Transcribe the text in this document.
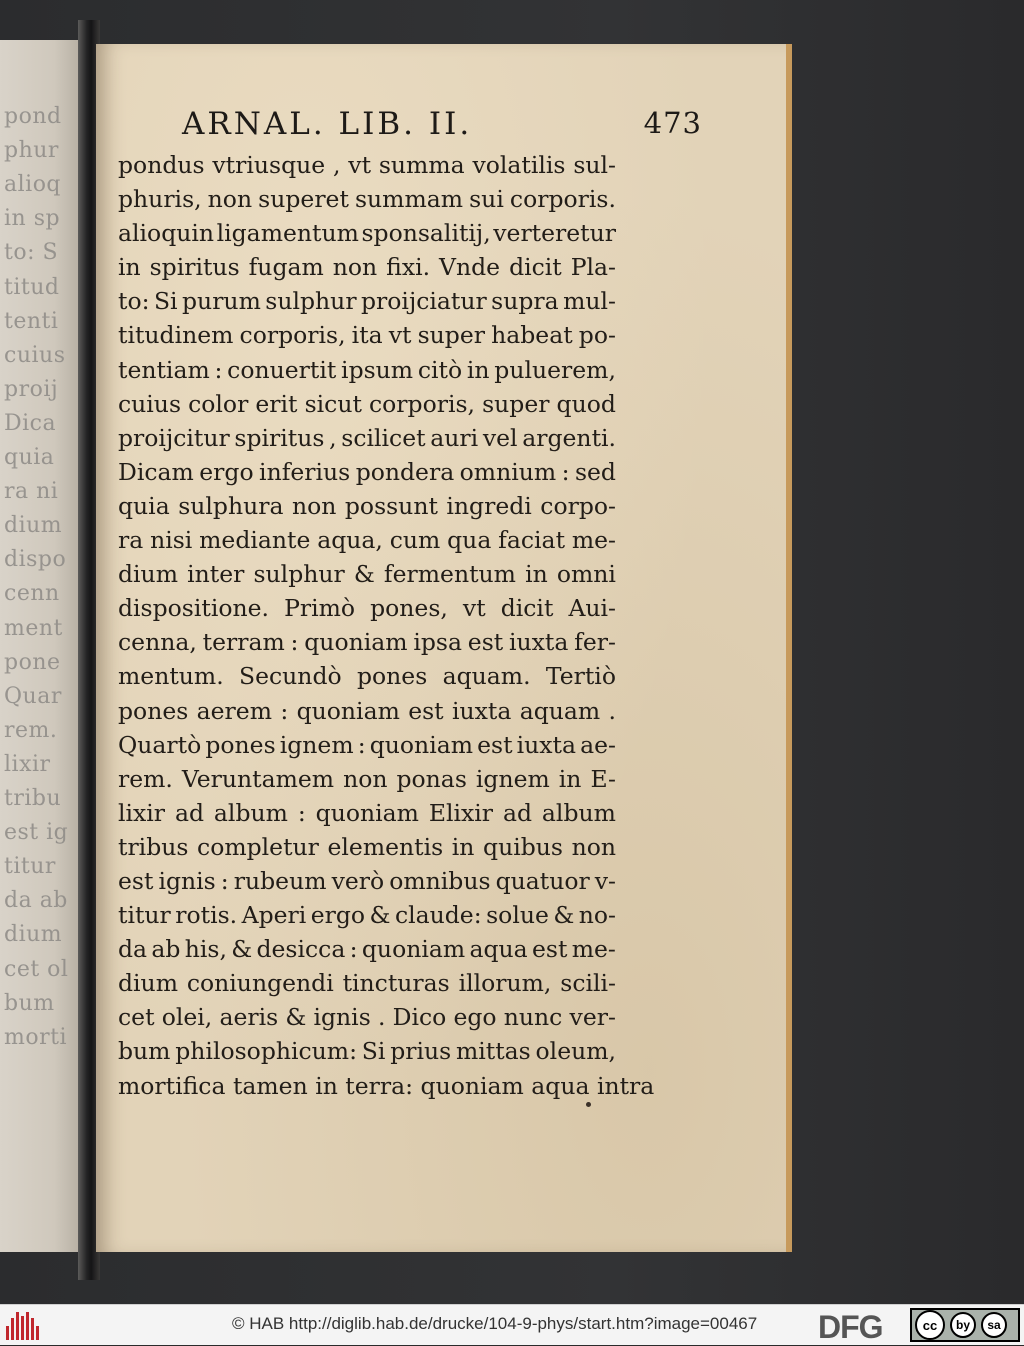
pond
phur
alioq
in sp
to: S
titud
tenti
cuius
proij
Dica
quia
ra ni
dium
dispo
cenn
ment
pone
Quar
rem.
lixir
tribu
est ig
titur
da ab
dium
cet ol
bum
morti
ARNAL. LIB. II.	473
pondus vtriusque , vt summa volatilis sul-
phuris, non superet summam sui corporis.
alioquin ligamentum sponsalitij, verteretur
in spiritus fugam non fixi. Vnde dicit Pla-
to: Si purum sulphur proijciatur supra mul-
titudinem corporis, ita vt super habeat po-
tentiam : conuertit ipsum citò in puluerem,
cuius color erit sicut corporis, super quod
proijcitur spiritus , scilicet auri vel argenti.
Dicam ergo inferius pondera omnium : sed
quia sulphura non possunt ingredi corpo-
ra nisi mediante aqua, cum qua faciat me-
dium inter sulphur & fermentum in omni
dispositione. Primò pones, vt dicit Aui-
cenna, terram : quoniam ipsa est iuxta fer-
mentum. Secundò pones aquam. Tertiò
pones aerem : quoniam est iuxta aquam .
Quartò pones ignem : quoniam est iuxta ae-
rem. Veruntamem non ponas ignem in E-
lixir ad album : quoniam Elixir ad album
tribus completur elementis in quibus non
est ignis : rubeum verò omnibus quatuor v-
titur rotis. Aperi ergo & claude: solue & no-
da ab his, & desicca : quoniam aqua est me-
dium coniungendi tincturas illorum, scili-
cet olei, aeris & ignis . Dico ego nunc ver-
bum philosophicum: Si prius mittas oleum,
mortifica tamen in terra: quoniam aqua intra
© HAB http://diglib.hab.de/drucke/104-9-phys/start.htm?image=00467 DFG	cc	by	sa
